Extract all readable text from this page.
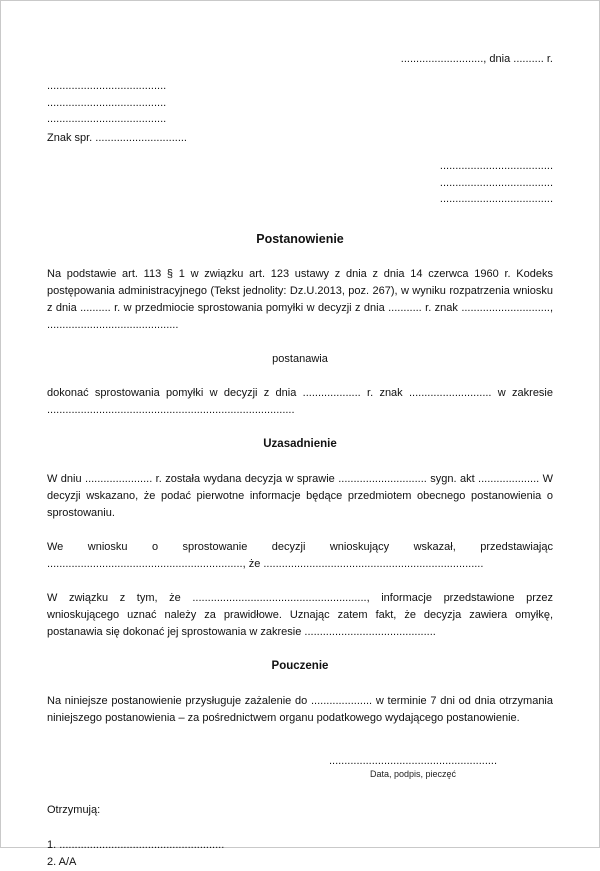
..........................., dnia .......... r.

.......................................
.......................................
.......................................
Znak spr. ..............................
.....................................
.....................................
.....................................

Postanowienie

Na podstawie art. 113 § 1 w związku art. 123 ustawy z dnia z dnia 14 czerwca 1960 r. Kodeks postępowania administracyjnego (Tekst jednolity: Dz.U.2013, poz. 267), w wyniku rozpatrzenia wniosku z dnia .......... r. w przedmiocie sprostowania pomyłki w decyzji z dnia ........... r. znak ............................., ...........................................

postanawia

dokonać sprostowania pomyłki w decyzji z dnia ................... r. znak ........................... w zakresie .................................................................................

Uzasadnienie

W dniu ...................... r. została wydana decyzja w sprawie ............................. sygn. akt .................... W decyzji wskazano, że podać pierwotne informacje będące przedmiotem obecnego postanowienia o sprostowaniu.

We wniosku o sprostowanie decyzji wnioskujący wskazał, przedstawiając ................................................................, że ........................................................................

W związku z tym, że ........................................................., informacje przedstawione przez wnioskującego uznać należy za prawidłowe. Uznając zatem fakt, że decyzja zawiera omyłkę, postanawia się dokonać jej sprostowania w zakresie ...........................................

Pouczenie

Na niniejsze postanowienie przysługuje zażalenie do .................... w terminie 7 dni od dnia otrzymania niniejszego postanowienia – za pośrednictwem organu podatkowego wydającego postanowienie.

.......................................................
Data, podpis, pieczęć

Otrzymują:

1. ......................................................
2. A/A
